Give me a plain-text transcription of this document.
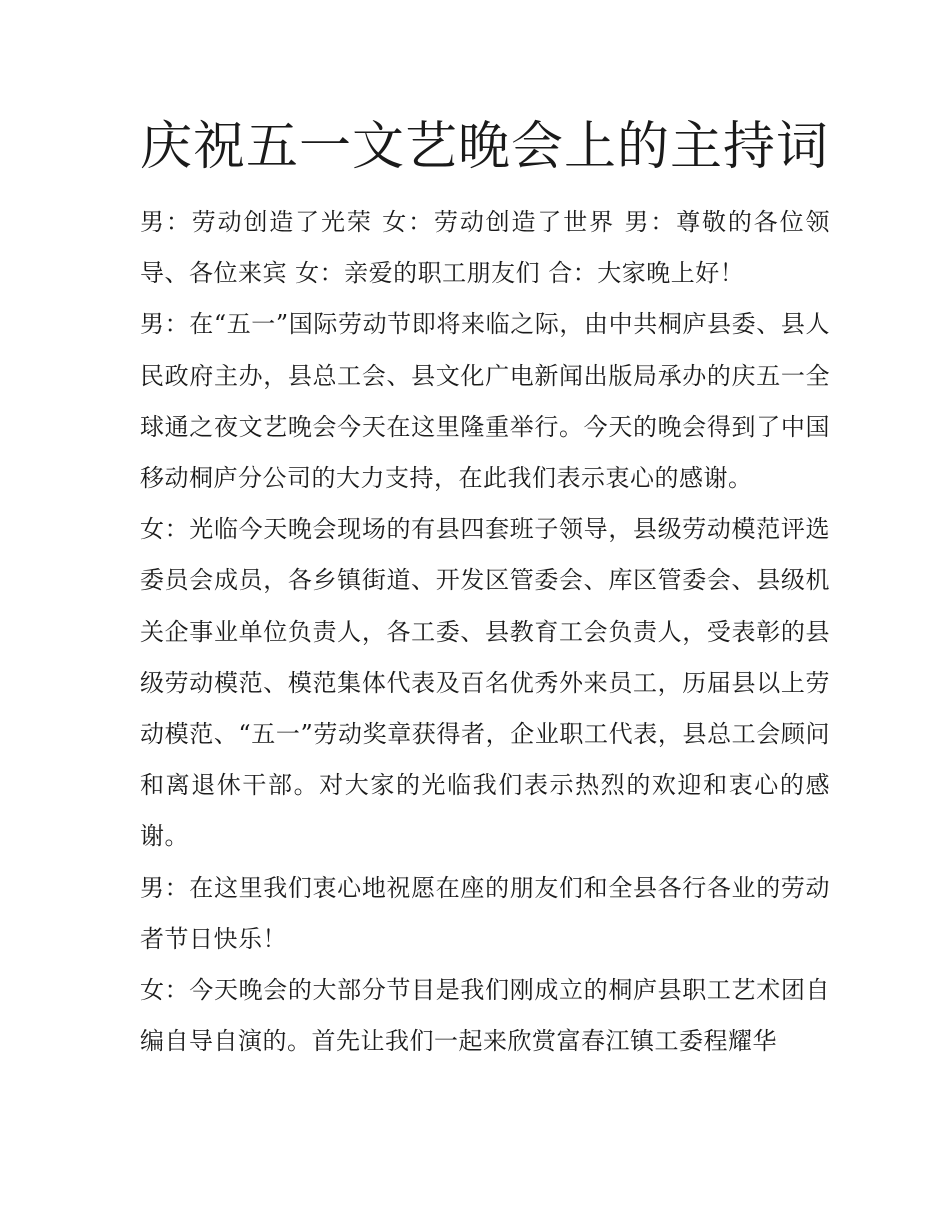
庆祝五一文艺晚会上的主持词

男：劳动创造了光荣 女：劳动创造了世界 男：尊敬的各位领导、各位来宾 女：亲爱的职工朋友们 合：大家晚上好！

男：在“五一”国际劳动节即将来临之际，由中共桐庐县委、县人民政府主办，县总工会、县文化广电新闻出版局承办的庆五一全球通之夜文艺晚会今天在这里隆重举行。今天的晚会得到了中国移动桐庐分公司的大力支持，在此我们表示衷心的感谢。

女：光临今天晚会现场的有县四套班子领导，县级劳动模范评选委员会成员，各乡镇街道、开发区管委会、库区管委会、县级机关企事业单位负责人，各工委、县教育工会负责人，受表彰的县级劳动模范、模范集体代表及百名优秀外来员工，历届县以上劳动模范、“五一”劳动奖章获得者，企业职工代表，县总工会顾问和离退休干部。对大家的光临我们表示热烈的欢迎和衷心的感谢。

男：在这里我们衷心地祝愿在座的朋友们和全县各行各业的劳动者节日快乐！

女：今天晚会的大部分节目是我们刚成立的桐庐县职工艺术团自编自导自演的。首先让我们一起来欣赏富春江镇工委程耀华
